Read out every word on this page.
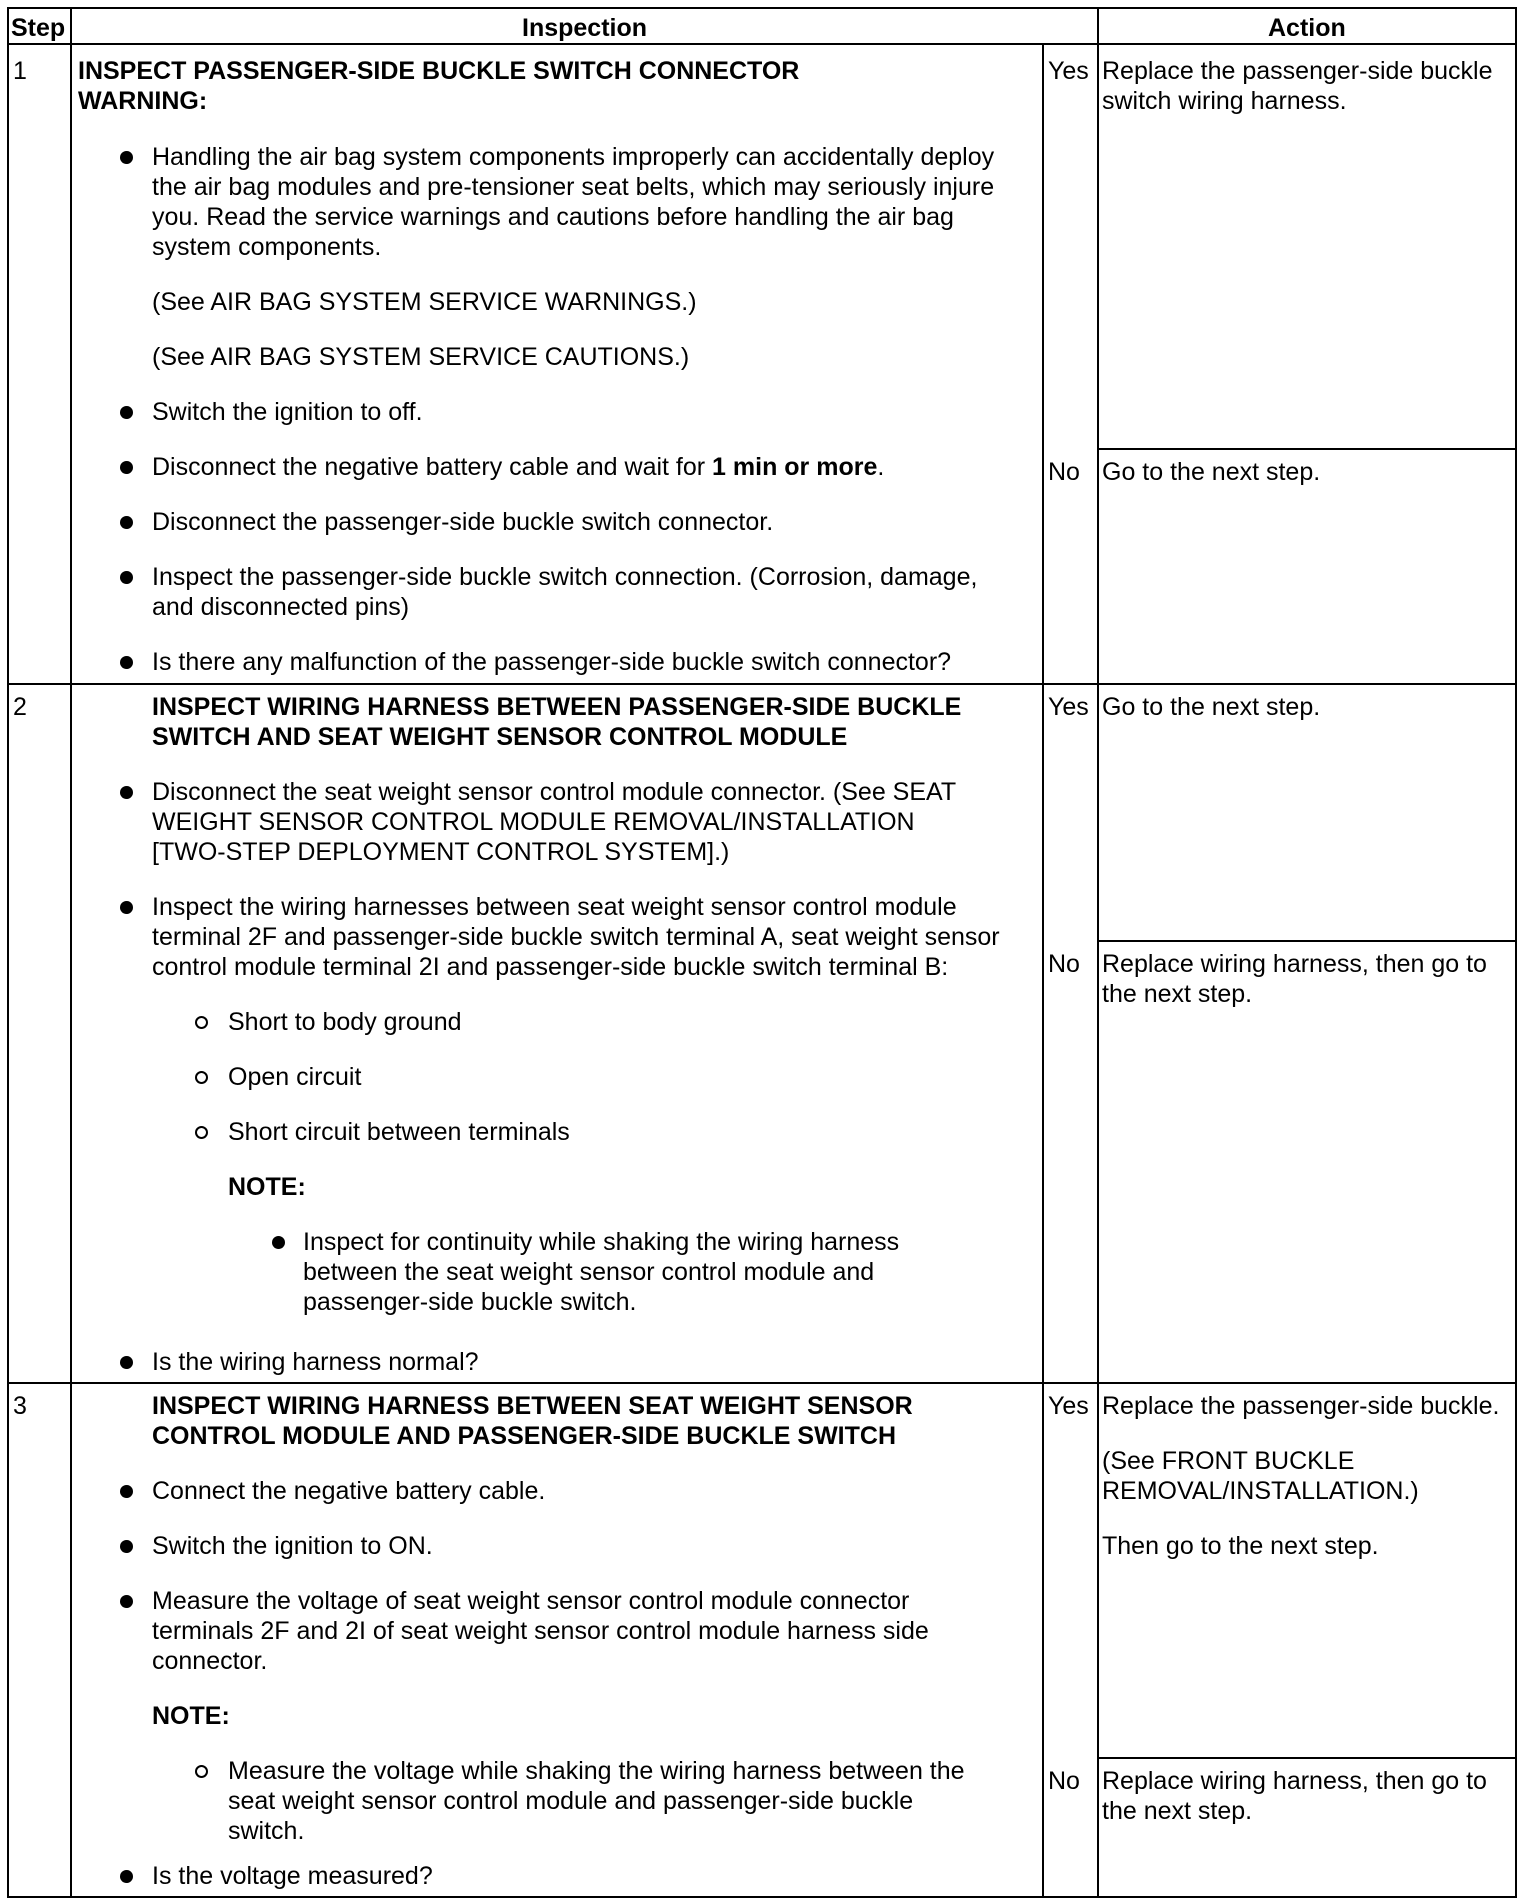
Step	Inspection	Action
1 INSPECT PASSENGER-SIDE BUCKLE SWITCH CONNECTOR
WARNING:
Handling the air bag system components improperly can accidentally deploy
the air bag modules and pre-tensioner seat belts, which may seriously injure
you. Read the service warnings and cautions before handling the air bag
system components.
(See AIR BAG SYSTEM SERVICE WARNINGS.)
(See AIR BAG SYSTEM SERVICE CAUTIONS.)
Switch the ignition to off.
Disconnect the negative battery cable and wait for 1 min or more.
Disconnect the passenger-side buckle switch connector.
Inspect the passenger-side buckle switch connection. (Corrosion, damage,
and disconnected pins)
Is there any malfunction of the passenger-side buckle switch connector?
Yes Replace the passenger-side buckle
switch wiring harness.
No Go to the next step.
2	INSPECT WIRING HARNESS BETWEEN PASSENGER-SIDE BUCKLE
SWITCH AND SEAT WEIGHT SENSOR CONTROL MODULE
Disconnect the seat weight sensor control module connector. (See SEAT
WEIGHT SENSOR CONTROL MODULE REMOVAL/INSTALLATION
[TWO-STEP DEPLOYMENT CONTROL SYSTEM].)
Inspect the wiring harnesses between seat weight sensor control module
terminal 2F and passenger-side buckle switch terminal A, seat weight sensor
control module terminal 2I and passenger-side buckle switch terminal B:
Short to body ground
Open circuit
Short circuit between terminals
NOTE:
Inspect for continuity while shaking the wiring harness
between the seat weight sensor control module and
passenger-side buckle switch.
Is the wiring harness normal?
Yes Go to the next step.
No Replace wiring harness, then go to
the next step.
3	INSPECT WIRING HARNESS BETWEEN SEAT WEIGHT SENSOR
CONTROL MODULE AND PASSENGER-SIDE BUCKLE SWITCH
Connect the negative battery cable.
Switch the ignition to ON.
Measure the voltage of seat weight sensor control module connector
terminals 2F and 2I of seat weight sensor control module harness side
connector.
NOTE:
Measure the voltage while shaking the wiring harness between the
seat weight sensor control module and passenger-side buckle
switch.
Is the voltage measured?
Yes Replace the passenger-side buckle.
(See FRONT BUCKLE
REMOVAL/INSTALLATION.)
Then go to the next step.
No Replace wiring harness, then go to
the next step.
